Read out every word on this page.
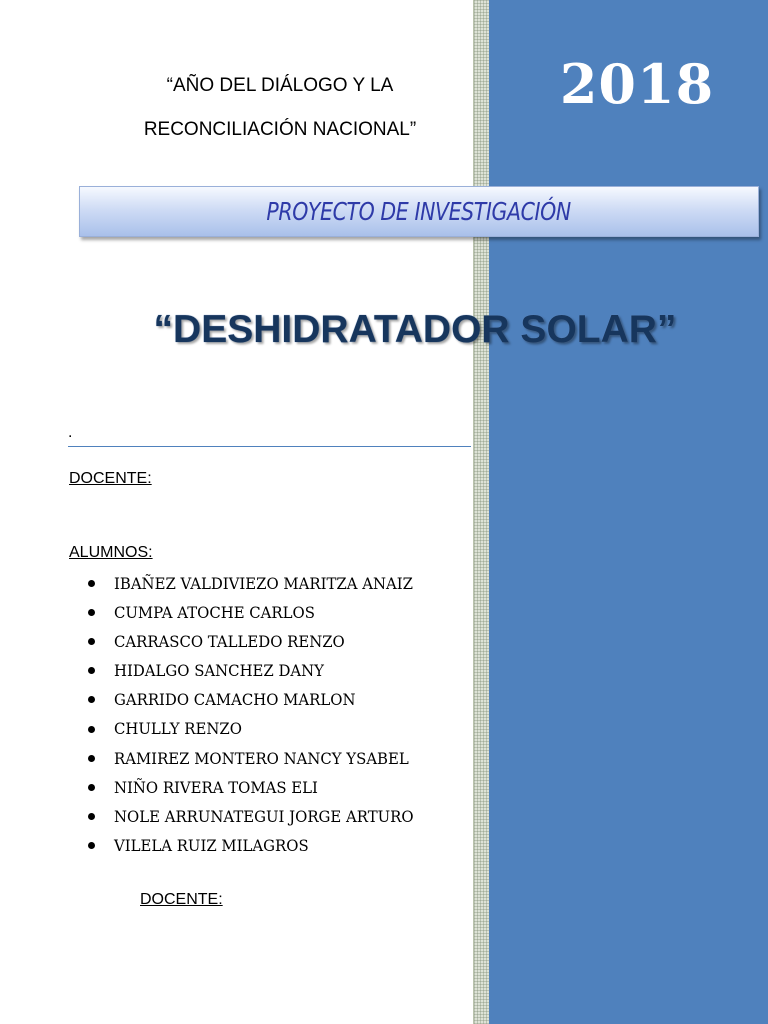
2018
“AÑO DEL DIÁLOGO Y LA
RECONCILIACIÓN NACIONAL”
PROYECTO DE INVESTIGACIÓN
“DESHIDRATADOR SOLAR”
.
DOCENTE:
ALUMNOS:
IBAÑEZ VALDIVIEZO MARITZA ANAIZ
CUMPA ATOCHE CARLOS
CARRASCO TALLEDO RENZO
HIDALGO SANCHEZ DANY
GARRIDO CAMACHO MARLON
CHULLY RENZO
RAMIREZ MONTERO NANCY YSABEL
NIÑO RIVERA TOMAS ELI
NOLE ARRUNATEGUI JORGE ARTURO
VILELA RUIZ MILAGROS
DOCENTE:
